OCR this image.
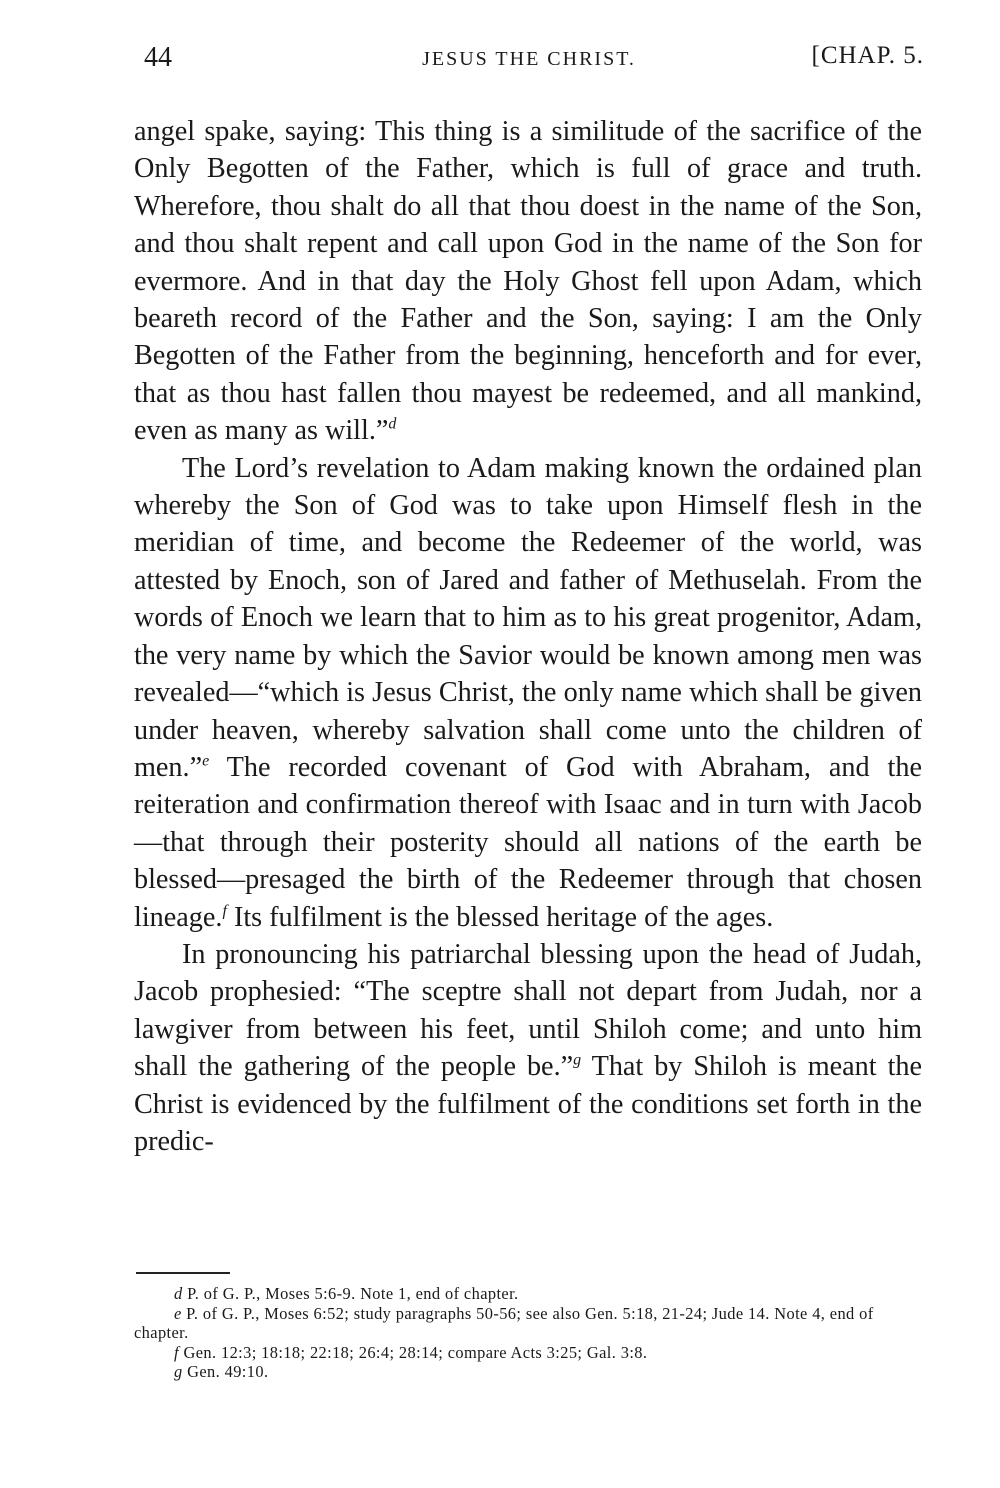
44	JESUS THE CHRIST.	[CHAP. 5.

angel spake, saying: This thing is a similitude of the sacrifice of the Only Begotten of the Father, which is full of grace and truth. Wherefore, thou shalt do all that thou doest in the name of the Son, and thou shalt repent and call upon God in the name of the Son for evermore. And in that day the Holy Ghost fell upon Adam, which beareth record of the Father and the Son, saying: I am the Only Begotten of the Father from the beginning, henceforth and for ever, that as thou hast fallen thou mayest be redeemed, and all mankind, even as many as will.”$^d$

The Lord’s revelation to Adam making known the ordained plan whereby the Son of God was to take upon Himself flesh in the meridian of time, and become the Redeemer of the world, was attested by Enoch, son of Jared and father of Methuselah. From the words of Enoch we learn that to him as to his great progenitor, Adam, the very name by which the Savior would be known among men was revealed—“which is Jesus Christ, the only name which shall be given under heaven, whereby salvation shall come unto the children of men.”$^e$ The recorded covenant of God with Abraham, and the reiteration and confirmation thereof with Isaac and in turn with Jacob—that through their posterity should all nations of the earth be blessed—presaged the birth of the Redeemer through that chosen lineage.$^f$ Its fulfilment is the blessed heritage of the ages.

In pronouncing his patriarchal blessing upon the head of Judah, Jacob prophesied: “The sceptre shall not depart from Judah, nor a lawgiver from between his feet, until Shiloh come; and unto him shall the gathering of the people be.”$^g$ That by Shiloh is meant the Christ is evidenced by the fulfilment of the conditions set forth in the predic-

d P. of G. P., Moses 5:6-9. Note 1, end of chapter.

e P. of G. P., Moses 6:52; study paragraphs 50-56; see also Gen. 5:18, 21-24; Jude 14. Note 4, end of chapter.

f Gen. 12:3; 18:18; 22:18; 26:4; 28:14; compare Acts 3:25; Gal. 3:8.

g Gen. 49:10.
